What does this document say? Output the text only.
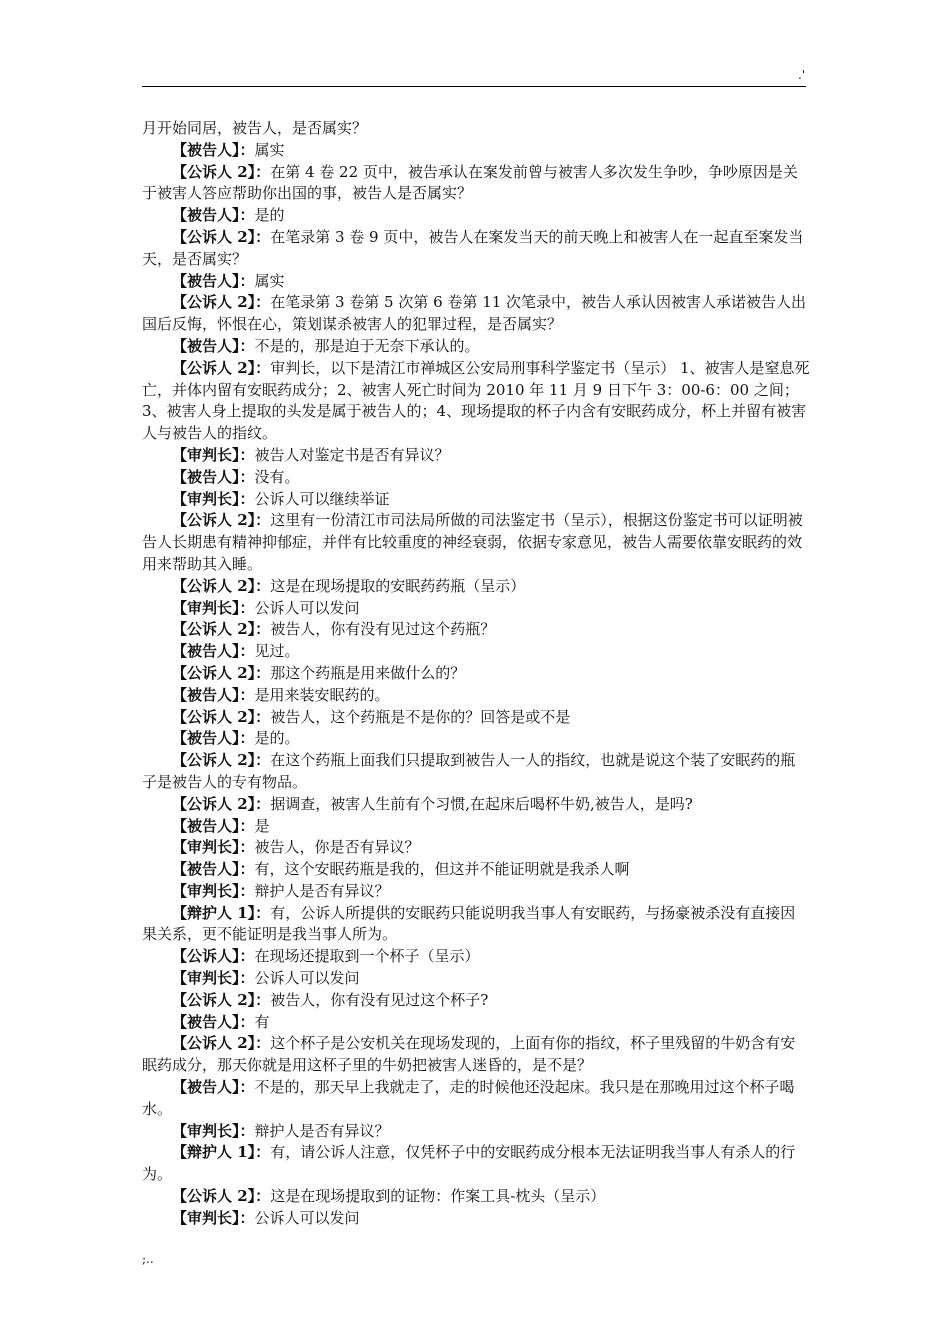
.'

月开始同居，被告人，是否属实？

【被告人】：属实

【公诉人 2】：在第 4 卷 22 页中，被告承认在案发前曾与被害人多次发生争吵，争吵原因是关于被害人答应帮助你出国的事，被告人是否属实？

【被告人】：是的

【公诉人 2】：在笔录第 3 卷 9 页中，被告人在案发当天的前天晚上和被害人在一起直至案发当天，是否属实？

【被告人】：属实

【公诉人 2】：在笔录第 3 卷第 5 次第 6 卷第 11 次笔录中，被告人承认因被害人承诺被告人出国后反悔，怀恨在心，策划谋杀被害人的犯罪过程，是否属实？

【被告人】：不是的，那是迫于无奈下承认的。

【公诉人 2】：审判长，以下是清江市禅城区公安局刑事科学鉴定书（呈示） 1、被害人是窒息死亡，并体内留有安眠药成分；2、被害人死亡时间为 2010 年 11 月 9 日下午 3：00-6：00 之间；3、被害人身上提取的头发是属于被告人的；4、现场提取的杯子内含有安眠药成分，杯上并留有被害人与被告人的指纹。

【审判长】：被告人对鉴定书是否有异议？

【被告人】：没有。

【审判长】：公诉人可以继续举证

【公诉人 2】：这里有一份清江市司法局所做的司法鉴定书（呈示），根据这份鉴定书可以证明被告人长期患有精神抑郁症，并伴有比较重度的神经衰弱，依据专家意见，被告人需要依靠安眠药的效用来帮助其入睡。

【公诉人 2】：这是在现场提取的安眠药药瓶（呈示）

【审判长】：公诉人可以发问

【公诉人 2】：被告人，你有没有见过这个药瓶？

【被告人】：见过。

【公诉人 2】：那这个药瓶是用来做什么的？

【被告人】：是用来装安眠药的。

【公诉人 2】：被告人，这个药瓶是不是你的？回答是或不是

【被告人】：是的。

【公诉人 2】：在这个药瓶上面我们只提取到被告人一人的指纹，也就是说这个装了安眠药的瓶子是被告人的专有物品。

【公诉人 2】：据调查，被害人生前有个习惯,在起床后喝杯牛奶,被告人，是吗?

【被告人】：是

【审判长】：被告人，你是否有异议？

【被告人】：有，这个安眠药瓶是我的，但这并不能证明就是我杀人啊

【审判长】：辩护人是否有异议？

【辩护人 1】：有，公诉人所提供的安眠药只能说明我当事人有安眠药，与扬豪被杀没有直接因果关系，更不能证明是我当事人所为。

【公诉人】：在现场还提取到一个杯子（呈示）

【审判长】：公诉人可以发问

【公诉人 2】：被告人，你有没有见过这个杯子?

【被告人】：有

【公诉人 2】：这个杯子是公安机关在现场发现的，上面有你的指纹，杯子里残留的牛奶含有安眠药成分，那天你就是用这杯子里的牛奶把被害人迷昏的，是不是？

【被告人】：不是的，那天早上我就走了，走的时候他还没起床。我只是在那晚用过这个杯子喝水。

【审判长】：辩护人是否有异议？

【辩护人 1】：有，请公诉人注意，仅凭杯子中的安眠药成分根本无法证明我当事人有杀人的行为。

【公诉人 2】：这是在现场提取到的证物：作案工具-枕头（呈示）

【审判长】：公诉人可以发问

;..
